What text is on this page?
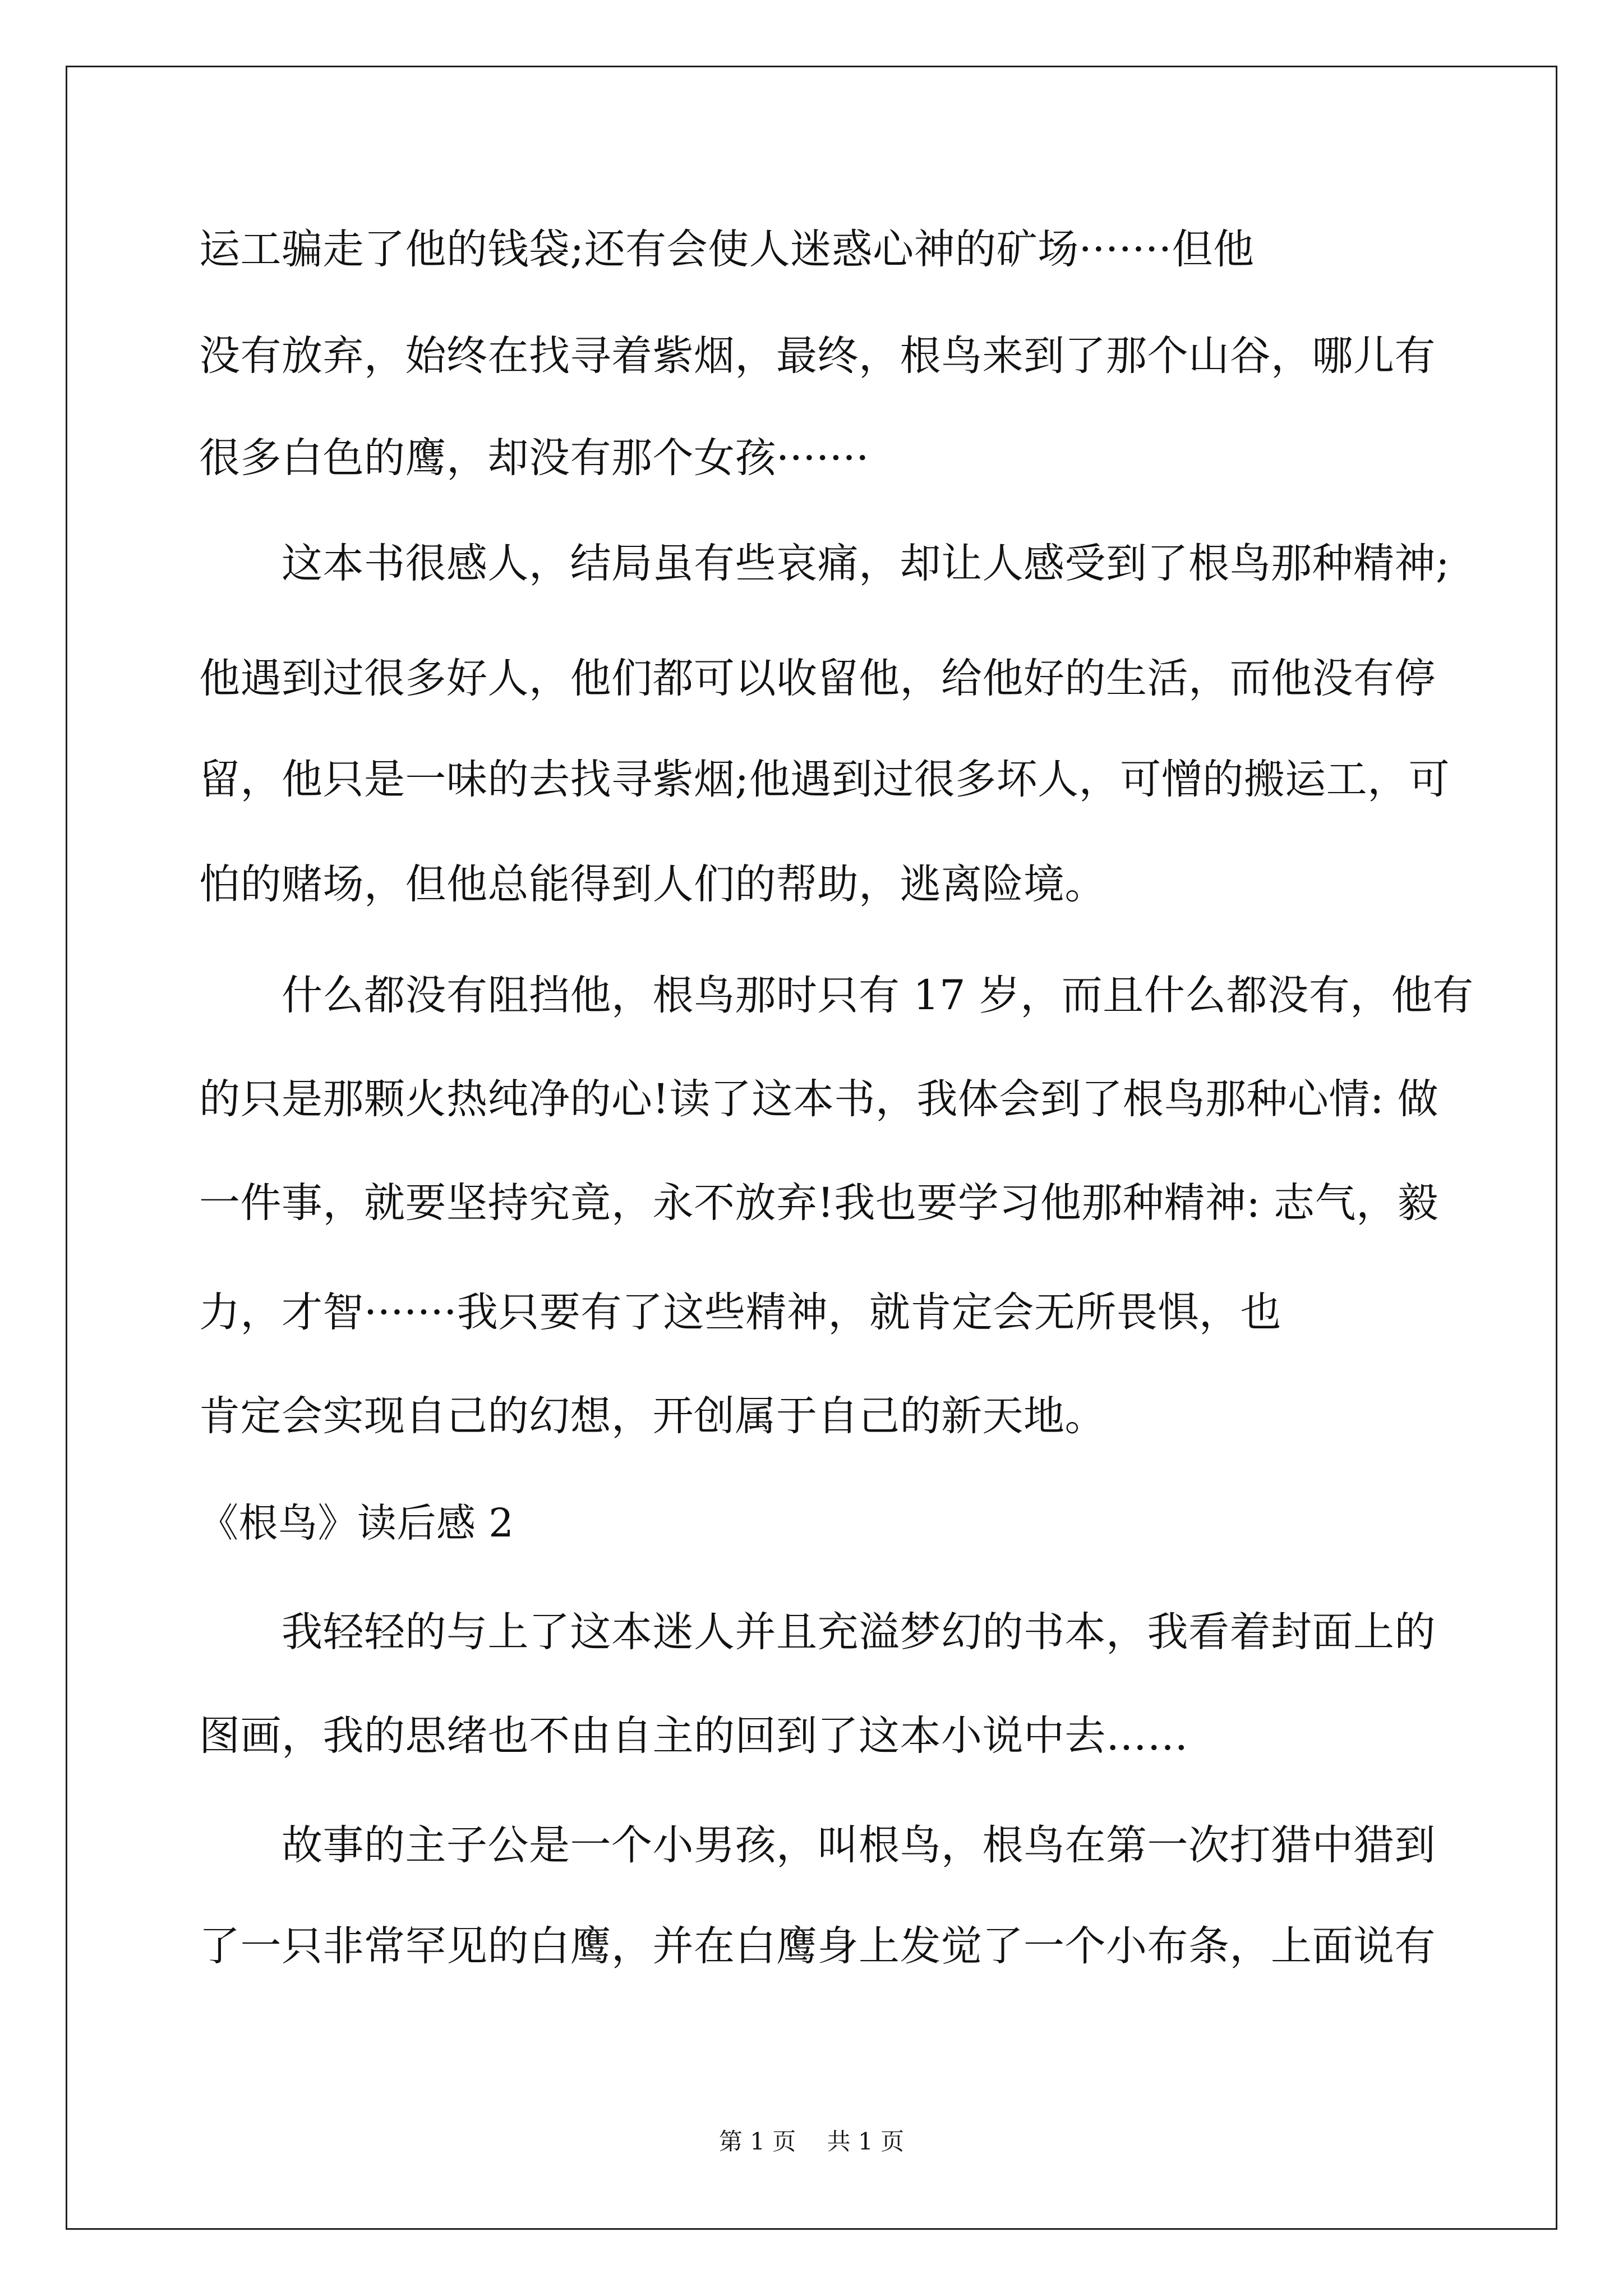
运工骗走了他的钱袋;还有会使人迷惑心神的矿场·······但他
没有放弃，始终在找寻着紫烟，最终，根鸟来到了那个山谷，哪儿有
很多白色的鹰，却没有那个女孩·······
这本书很感人，结局虽有些哀痛，却让人感受到了根鸟那种精神;
他遇到过很多好人，他们都可以收留他，给他好的生活，而他没有停
留，他只是一味的去找寻紫烟;他遇到过很多坏人，可憎的搬运工，可
怕的赌场，但他总能得到人们的帮助，逃离险境。
什么都没有阻挡他，根鸟那时只有 17 岁，而且什么都没有，他有
的只是那颗火热纯净的心!读了这本书，我体会到了根鸟那种心情: 做
一件事，就要坚持究竟，永不放弃!我也要学习他那种精神: 志气，毅
力，才智·······我只要有了这些精神，就肯定会无所畏惧，也
肯定会实现自己的幻想，开创属于自己的新天地。
《根鸟》读后感 2
我轻轻的与上了这本迷人并且充溢梦幻的书本，我看着封面上的
图画，我的思绪也不由自主的回到了这本小说中去……
故事的主子公是一个小男孩，叫根鸟，根鸟在第一次打猎中猎到
了一只非常罕见的白鹰，并在白鹰身上发觉了一个小布条，上面说有
第 1 页 共 1 页
